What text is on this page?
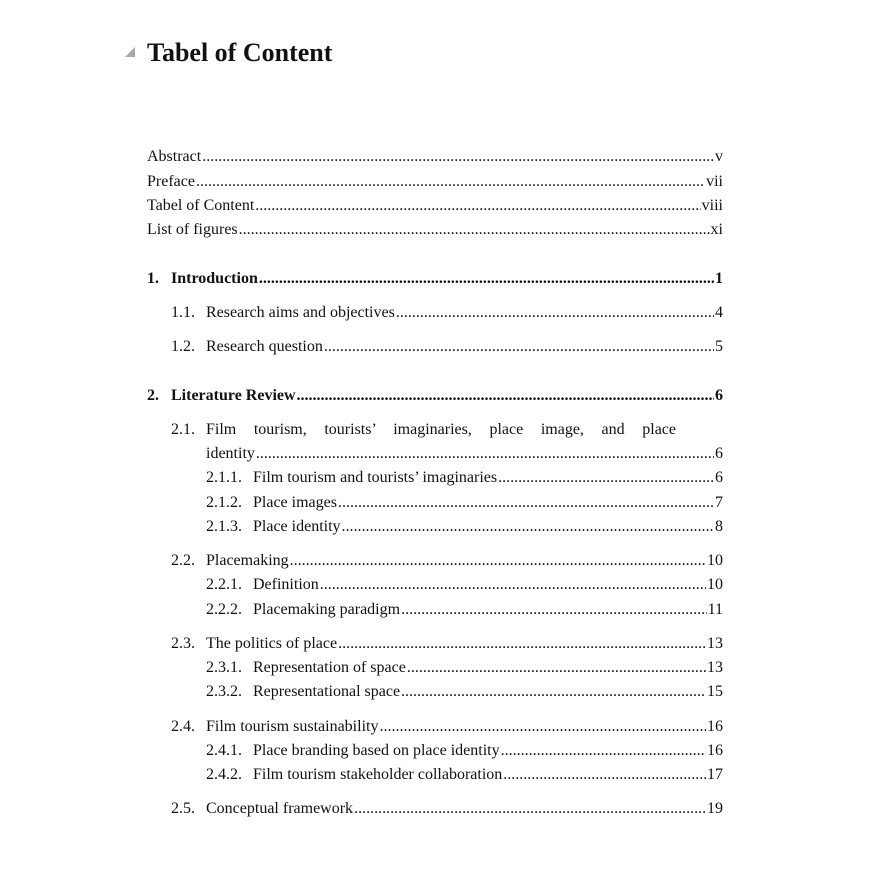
Tabel of Content
Abstract .....	v
Preface .....	vii
Tabel of Content .....	viii
List of figures .....	xi
1. Introduction .....	1
1.1. Research aims and objectives .....	4
1.2. Research question .....	5
2. Literature Review .....	6
2.1. Film tourism, tourists’ imaginaries, place image, and place
identity .....	6
2.1.1. Film tourism and tourists’ imaginaries .....	6
2.1.2. Place images .....	7
2.1.3. Place identity .....	8
2.2. Placemaking .....	10
2.2.1. Definition .....	10
2.2.2. Placemaking paradigm .....	11
2.3. The politics of place .....	13
2.3.1. Representation of space .....	13
2.3.2. Representational space .....	15
2.4. Film tourism sustainability .....	16
2.4.1. Place branding based on place identity .....	16
2.4.2. Film tourism stakeholder collaboration .....	17
2.5. Conceptual framework .....	19
